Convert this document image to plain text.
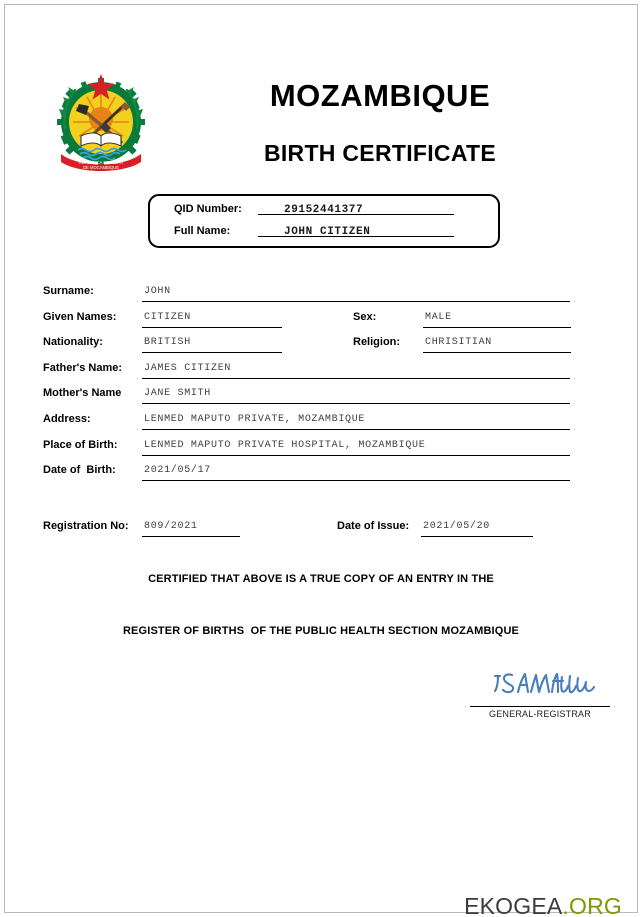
REPUBLICA POPULAR
DE MOCAMBIQUE
MOZAMBIQUE
BIRTH CERTIFICATE
QID Number:	29152441377
Full Name:	JOHN CITIZEN
Surname:	JOHN
Given Names:	CITIZEN	Sex:	MALE
Nationality:	BRITISH	Religion: CHRISITIAN
Father's Name: JAMES CITIZEN
Mother's Name JANE SMITH
Address:	LENMED MAPUTO PRIVATE, MOZAMBIQUE
Place of Birth:	LENMED MAPUTO PRIVATE HOSPITAL, MOZAMBIQUE
Date of  Birth:	2021/05/17
Registration No: 809/2021	Date of Issue: 2021/05/20
CERTIFIED THAT ABOVE IS A TRUE COPY OF AN ENTRY IN THE
REGISTER OF BIRTHS  OF THE PUBLIC HEALTH SECTION MOZAMBIQUE
GENERAL-REGISTRAR

EKOGEA.ORG
